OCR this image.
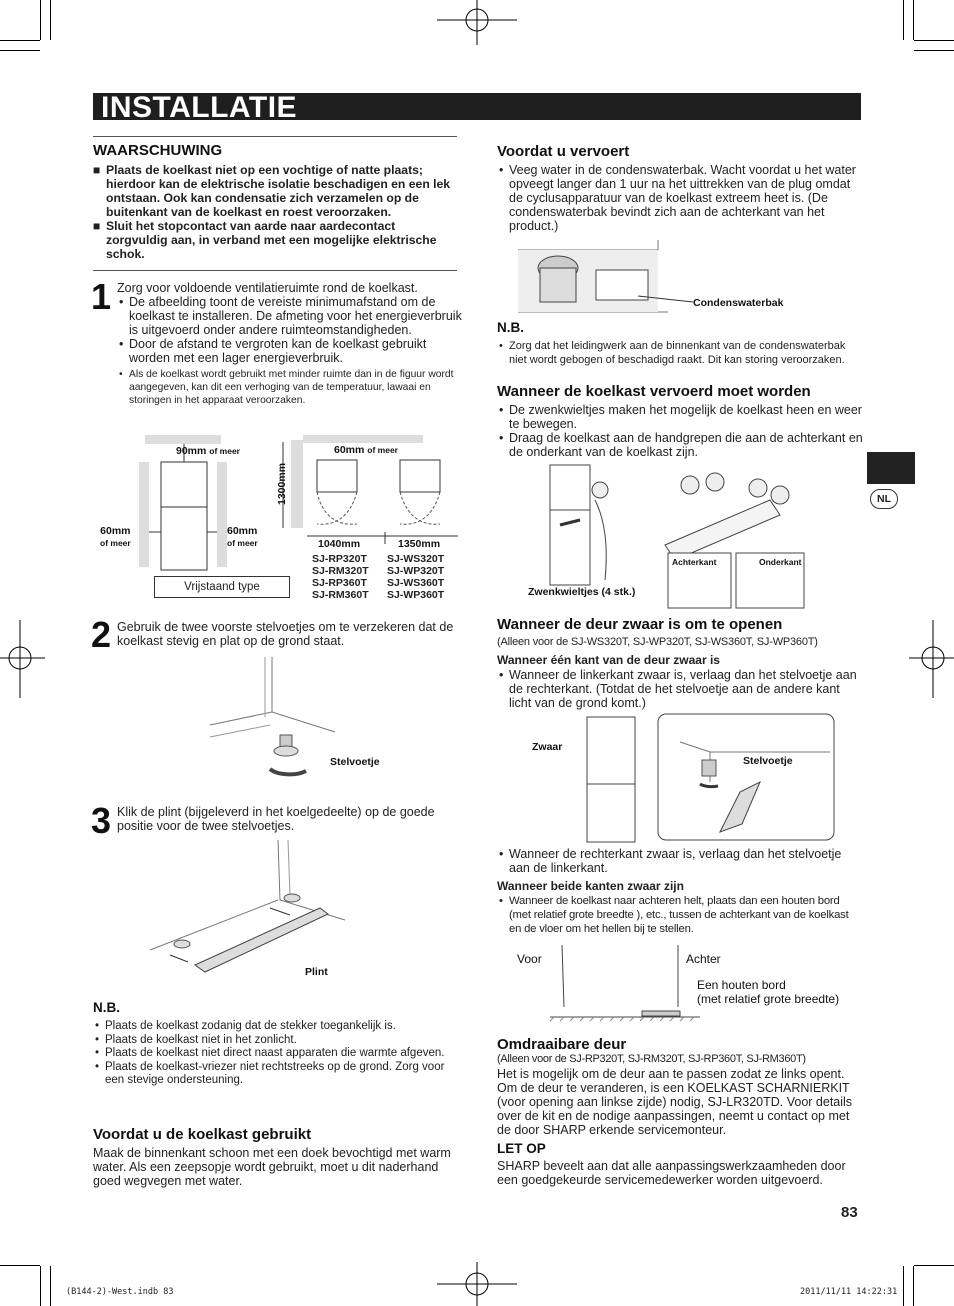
INSTALLATIE
WAARSCHUWING
■ Plaats de koelkast niet op een vochtige of natte plaats; hierdoor kan de elektrische isolatie beschadigen en een lek ontstaan. Ook kan condensatie zich verzamelen op de buitenkant van de koelkast en roest veroorzaken.
■ Sluit het stopcontact van aarde naar aardecontact zorgvuldig aan, in verband met een mogelijke elektrische schok.
1 Zorg voor voldoende ventilatieruimte rond de koelkast.

• De afbeelding toont de vereiste minimumafstand om de koelkast te installeren. De afmeting voor het energieverbruik is uitgevoerd onder andere ruimteomstandigheden.
• Door de afstand te vergroten kan de koelkast gebruikt worden met een lager energieverbruik.
• Als de koelkast wordt gebruikt met minder ruimte dan in de figuur wordt aangegeven, kan dit een verhoging van de temperatuur, lawaai en storingen in het apparaat veroorzaken.
90mm of meer
60mm
of meer
60mm
of meer
Vrijstaand type
1300mm
60mm of meer
1040mm	1350mm
SJ-RP320T
SJ-RM320T
SJ-RP360T
SJ-RM360T
SJ-WS320T
SJ-WP320T
SJ-WS360T
SJ-WP360T
2 Gebruik de twee voorste stelvoetjes om te verzekeren dat de koelkast stevig en plat op de grond staat.

Stelvoetje
3 Klik de plint (bijgeleverd in het koelgedeelte) op de goede positie voor de twee stelvoetjes.

Plint
N.B.
• Plaats de koelkast zodanig dat de stekker toegankelijk is.
• Plaats de koelkast niet in het zonlicht.
• Plaats de koelkast niet direct naast apparaten die warmte afgeven.
• Plaats de koelkast-vriezer niet rechtstreeks op de grond. Zorg voor een stevige ondersteuning.
Voordat u de koelkast gebruikt

Maak de binnenkant schoon met een doek bevochtigd met warm water. Als een zeepsopje wordt gebruikt, moet u dit naderhand goed wegvegen met water.

Voordat u vervoert
• Veeg water in de condenswaterbak. Wacht voordat u het water opveegt langer dan 1 uur na het uittrekken van de plug omdat de cyclusapparatuur van de koelkast extreem heet is. (De condenswaterbak bevindt zich aan de achterkant van het product.)
Condenswaterbak
N.B.
• Zorg dat het leidingwerk aan de binnenkant van de condenswaterbak niet wordt gebogen of beschadigd raakt. Dit kan storing veroorzaken.
Wanneer de koelkast vervoerd moet worden
• De zwenkwieltjes maken het mogelijk de koelkast heen en weer te bewegen.
• Draag de koelkast aan de handgrepen die aan de achterkant en de onderkant van de koelkast zijn.
Achterkant	Onderkant
Zwenkwieltjes (4 stk.)
Wanneer de deur zwaar is om te openen

(Alleen voor de SJ-WS320T, SJ-WP320T, SJ-WS360T, SJ-WP360T)

Wanneer één kant van de deur zwaar is

• Wanneer de linkerkant zwaar is, verlaag dan het stelvoetje aan de rechterkant. (Totdat de het stelvoetje aan de andere kant licht van de grond komt.)
Zwaar
Stelvoetje
• Wanneer de rechterkant zwaar is, verlaag dan het stelvoetje aan de linkerkant.

Wanneer beide kanten zwaar zijn

• Wanneer de koelkast naar achteren helt, plaats dan een houten bord (met relatief grote breedte ), etc., tussen de achterkant van de koelkast en de vloer om het hellen bij te stellen.
Voor	Achter
Een houten bord
(met relatief grote breedte)
Omdraaibare deur

(Alleen voor de SJ-RP320T, SJ-RM320T, SJ-RP360T, SJ-RM360T)

Het is mogelijk om de deur aan te passen zodat ze links opent. Om de deur te veranderen, is een KOELKAST SCHARNIERKIT (voor opening aan linkse zijde) nodig, SJ-LR320TD. Voor details over de kit en de nodige aanpassingen, neemt u contact op met de door SHARP erkende servicemonteur.

LET OP

SHARP beveelt aan dat alle aanpassingswerkzaamheden door een goedgekeurde servicemedewerker worden uitgevoerd.

NL
83
(B144-2)-West.indb 83	2011/11/11 14:22:31
